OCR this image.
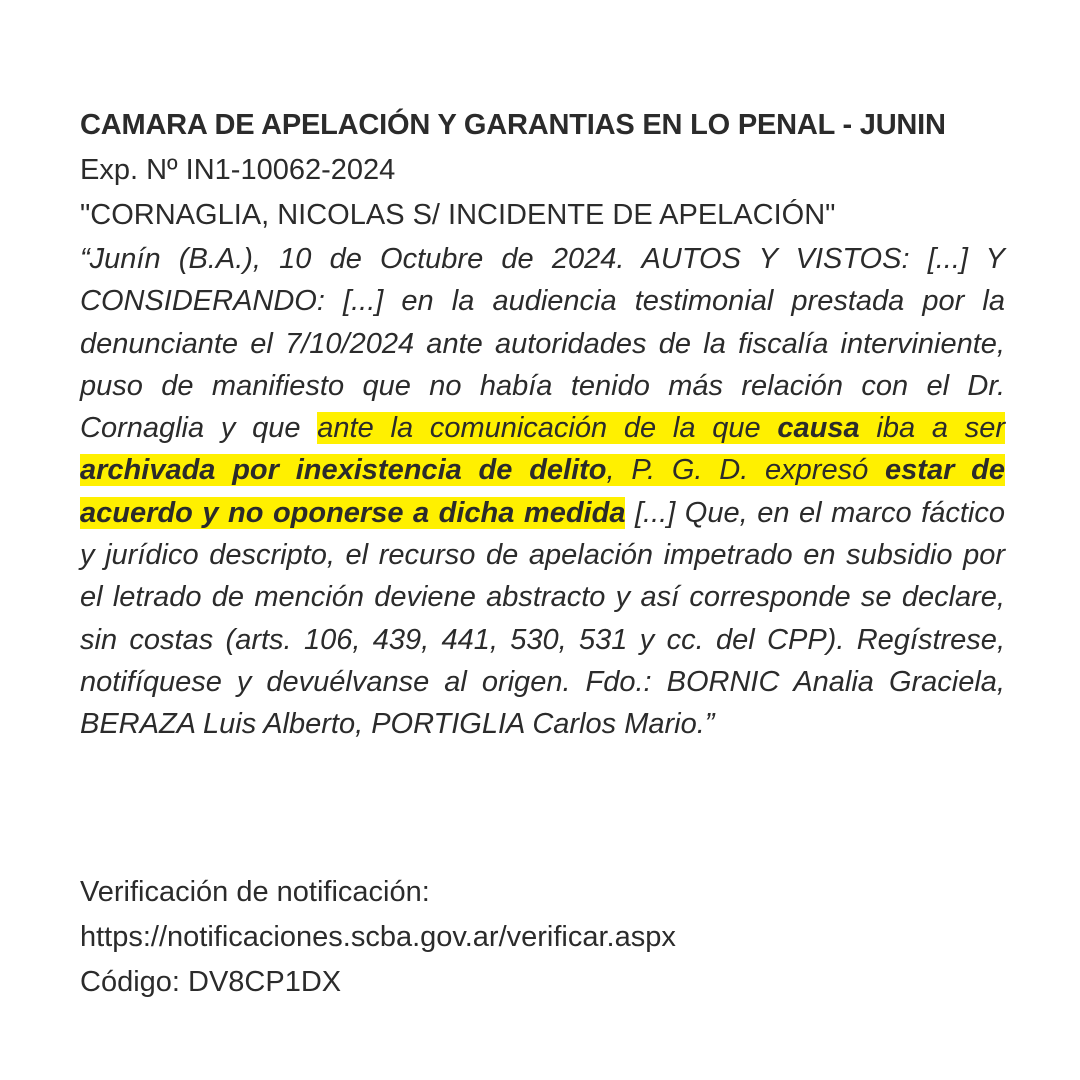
CAMARA DE APELACIÓN Y GARANTIAS EN LO PENAL - JUNIN
Exp. Nº IN1-10062-2024
"CORNAGLIA, NICOLAS S/ INCIDENTE DE APELACIÓN"
“Junín (B.A.), 10 de Octubre de 2024. AUTOS Y VISTOS: [...] Y CONSIDERANDO: [...] en la audiencia testimonial prestada por la denunciante el 7/10/2024 ante autoridades de la fiscalía interviniente, puso de manifiesto que no había tenido más relación con el Dr. Cornaglia y que ante la comunicación de la que causa iba a ser archivada por inexistencia de delito, P. G. D. expresó estar de acuerdo y no oponerse a dicha medida [...] Que, en el marco fáctico y jurídico descripto, el recurso de apelación impetrado en subsidio por el letrado de mención deviene abstracto y así corresponde se declare, sin costas (arts. 106, 439, 441, 530, 531 y cc. del CPP). Regístrese, notifíquese y devuélvanse al origen. Fdo.: BORNIC Analia Graciela, BERAZA Luis Alberto, PORTIGLIA Carlos Mario.”
Verificación de notificación:
https://notificaciones.scba.gov.ar/verificar.aspx
Código: DV8CP1DX
